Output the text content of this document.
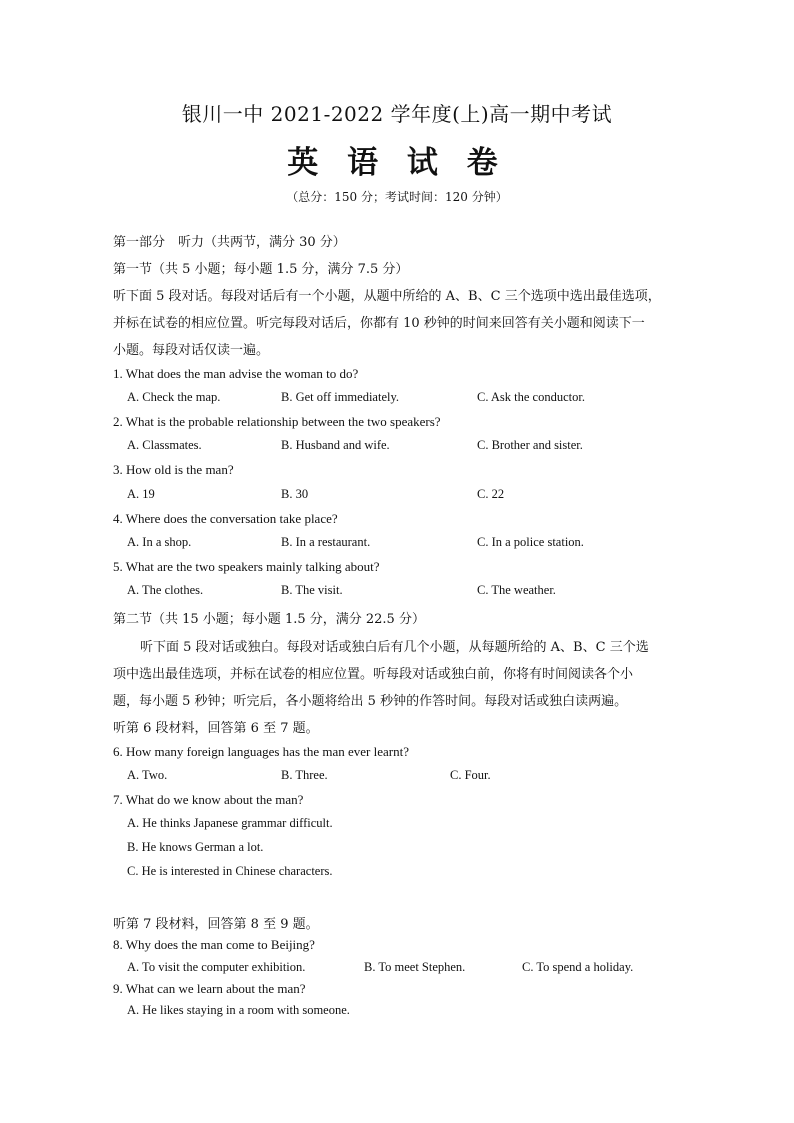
银川一中 2021-2022 学年度(上)高一期中考试
英 语 试 卷
（总分：150 分；考试时间：120 分钟）
第一部分　听力（共两节，满分 30 分）
第一节（共 5 小题；每小题 1.5 分，满分 7.5 分）
听下面 5 段对话。每段对话后有一个小题，从题中所给的 A、B、C 三个选项中选出最佳选项，
并标在试卷的相应位置。听完每段对话后，你都有 10 秒钟的时间来回答有关小题和阅读下一
小题。每段对话仅读一遍。
1. What does the man advise the woman to do?
A. Check the map.	B. Get off immediately.	C. Ask the conductor.
2. What is the probable relationship between the two speakers?
A. Classmates.	B. Husband and wife.	C. Brother and sister.
3. How old is the man?
A. 19	B. 30	C. 22
4. Where does the conversation take place?
A. In a shop.	B. In a restaurant.	C. In a police station.
5. What are the two speakers mainly talking about?
A. The clothes.	B. The visit.	C. The weather.
第二节（共 15 小题；每小题 1.5 分，满分 22.5 分）
听下面 5 段对话或独白。每段对话或独白后有几个小题，从每题所给的 A、B、C 三个选
项中选出最佳选项，并标在试卷的相应位置。听每段对话或独白前，你将有时间阅读各个小
题，每小题 5 秒钟；听完后，各小题将给出 5 秒钟的作答时间。每段对话或独白读两遍。
听第 6 段材料，回答第 6 至 7 题。
6. How many foreign languages has the man ever learnt?
A. Two.	B. Three.	C. Four.
7. What do we know about the man?
A. He thinks Japanese grammar difficult.
B. He knows German a lot.
C. He is interested in Chinese characters.
听第 7 段材料，回答第 8 至 9 题。
8. Why does the man come to Beijing?
A. To visit the computer exhibition.	B. To meet Stephen.	C. To spend a holiday.
9. What can we learn about the man?
A. He likes staying in a room with someone.
